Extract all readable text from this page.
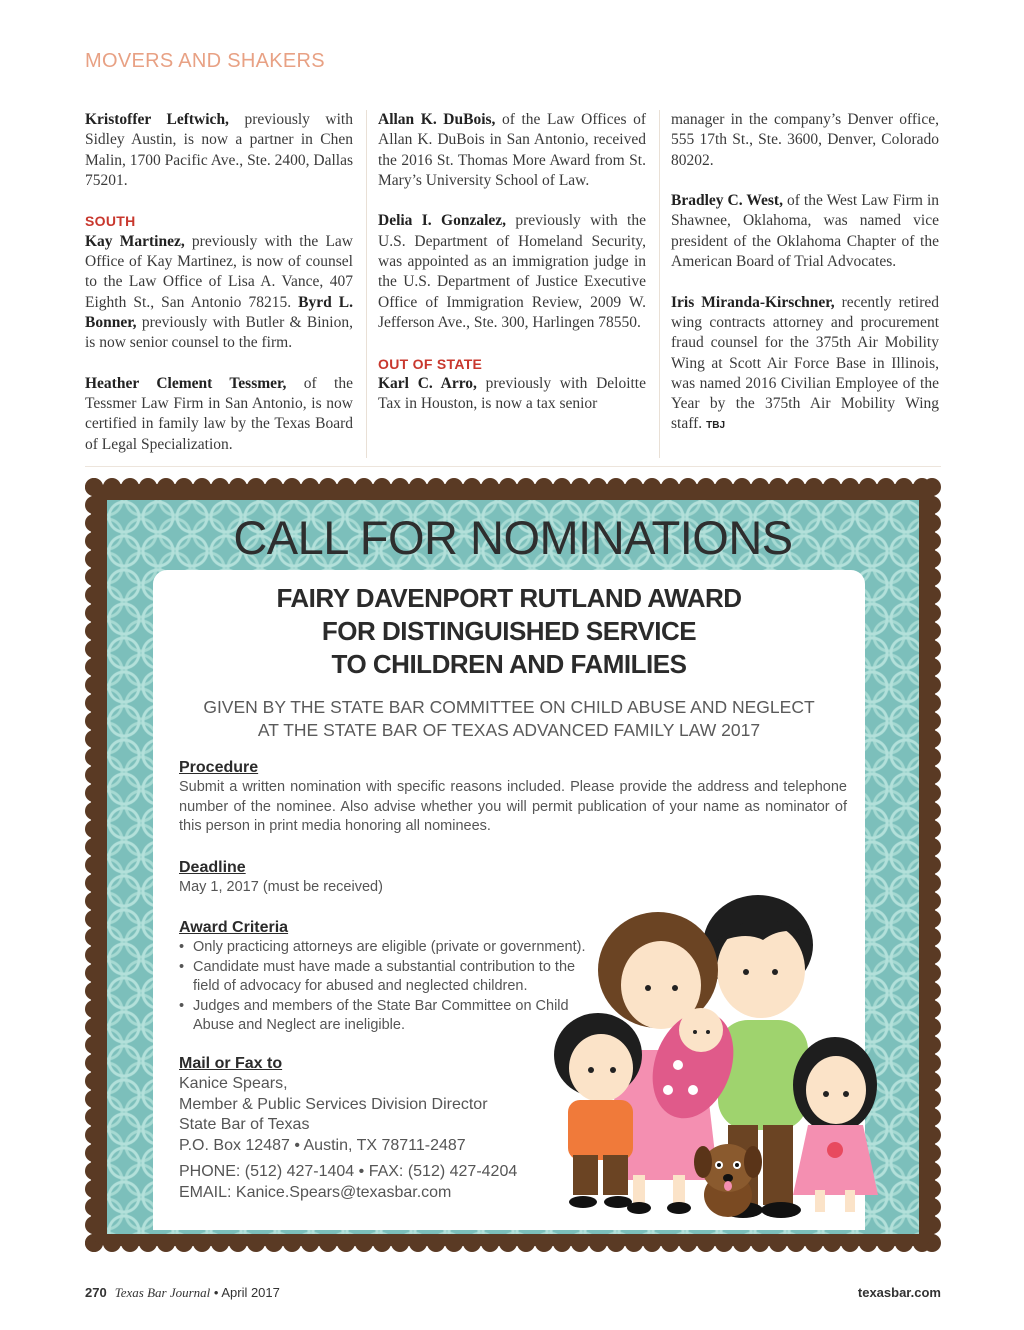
MOVERS AND SHAKERS

Kristoffer Leftwich, previously with Sidley Austin, is now a partner in Chen Malin, 1700 Pacific Ave., Ste. 2400, Dallas 75201.

SOUTH

Kay Martinez, previously with the Law Office of Kay Martinez, is now of counsel to the Law Office of Lisa A. Vance, 407 Eighth St., San Antonio 78215. Byrd L. Bonner, previously with Butler & Binion, is now senior counsel to the firm.

Heather Clement Tessmer, of the Tessmer Law Firm in San Antonio, is now certified in family law by the Texas Board of Legal Specialization.

Allan K. DuBois, of the Law Offices of Allan K. DuBois in San Antonio, received the 2016 St. Thomas More Award from St. Mary’s University School of Law.

Delia I. Gonzalez, previously with the U.S. Department of Homeland Security, was appointed as an immigration judge in the U.S. Department of Justice Executive Office of Immigration Review, 2009 W. Jefferson Ave., Ste. 300, Harlingen 78550.

OUT OF STATE

Karl C. Arro, previously with Deloitte Tax in Houston, is now a tax senior

manager in the company’s Denver office, 555 17th St., Ste. 3600, Denver, Colorado 80202.

Bradley C. West, of the West Law Firm in Shawnee, Oklahoma, was named vice president of the Oklahoma Chapter of the American Board of Trial Advocates.

Iris Miranda-Kirschner, recently retired wing contracts attorney and procurement fraud counsel for the 375th Air Mobility Wing at Scott Air Force Base in Illinois, was named 2016 Civilian Employee of the Year by the 375th Air Mobility Wing staff. TBJ

CALL FOR NOMINATIONS
FAIRY DAVENPORT RUTLAND AWARD
FOR DISTINGUISHED SERVICE
TO CHILDREN AND FAMILIES
GIVEN BY THE STATE BAR COMMITTEE ON CHILD ABUSE AND NEGLECT
AT THE STATE BAR OF TEXAS ADVANCED FAMILY LAW 2017
Procedure
Submit a written nomination with specific reasons included. Please provide the address and telephone number of the nominee. Also advise whether you will permit publication of your name as nominator of this person in print media honoring all nominees.
Deadline
May 1, 2017 (must be received)
Award Criteria
• Only practicing attorneys are eligible (private or government).
• Candidate must have made a substantial contribution to the field of advocacy for abused and neglected children.
• Judges and members of the State Bar Committee on Child Abuse and Neglect are ineligible.
Mail or Fax to
Kanice Spears,
Member & Public Services Division Director
State Bar of Texas
P.O. Box 12487 • Austin, TX 78711-2487
PHONE: (512) 427-1404 • FAX: (512) 427-4204
EMAIL: Kanice.Spears@texasbar.com
270 Texas Bar Journal • April 2017	texasbar.com
